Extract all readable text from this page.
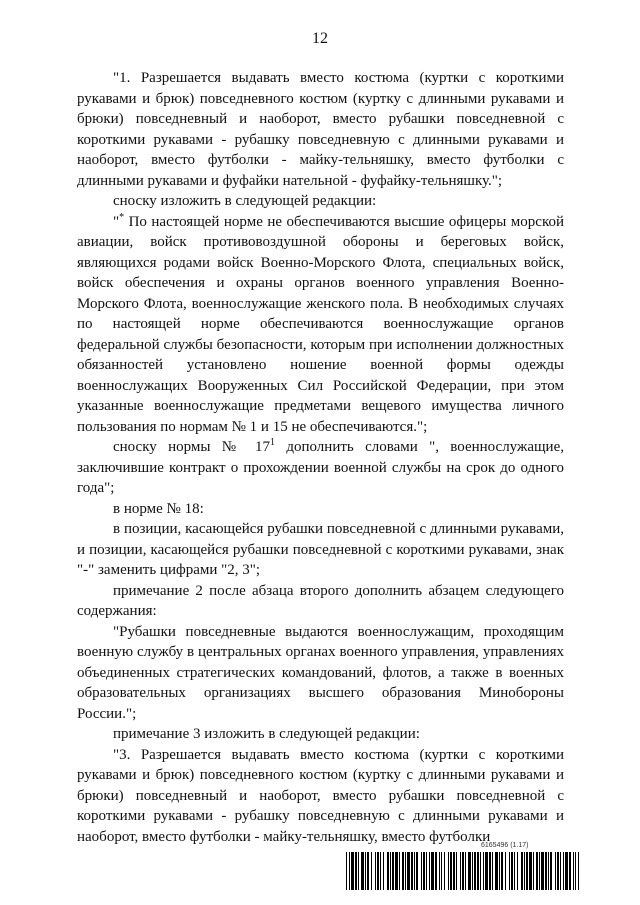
12

"1. Разрешается выдавать вместо костюма (куртки с короткими рукавами и брюк) повседневного костюм (куртку с длинными рукавами и брюки) повседневный и наоборот, вместо рубашки повседневной с короткими рукавами - рубашку повседневную с длинными рукавами и наоборот, вместо футболки - майку-тельняшку, вместо футболки с длинными рукавами и фуфайки нательной - фуфайку-тельняшку.";

сноску изложить в следующей редакции:

"* По настоящей норме не обеспечиваются высшие офицеры морской авиации, войск противовоздушной обороны и береговых войск, являющихся родами войск Военно-Морского Флота, специальных войск, войск обеспечения и охраны органов военного управления Военно-Морского Флота, военнослужащие женского пола. В необходимых случаях по настоящей норме обеспечиваются военнослужащие органов федеральной службы безопасности, которым при исполнении должностных обязанностей установлено ношение военной формы одежды военнослужащих Вооруженных Сил Российской Федерации, при этом указанные военнослужащие предметами вещевого имущества личного пользования по нормам № 1 и 15 не обеспечиваются.";

сноску нормы № $17^1$ дополнить словами ", военнослужащие, заключившие контракт о прохождении военной службы на срок до одного года";

в норме № 18:

в позиции, касающейся рубашки повседневной с длинными рукавами, и позиции, касающейся рубашки повседневной с короткими рукавами, знак "-" заменить цифрами "2, 3";

примечание 2 после абзаца второго дополнить абзацем следующего содержания:

"Рубашки повседневные выдаются военнослужащим, проходящим военную службу в центральных органах военного управления, управлениях объединенных стратегических командований, флотов, а также в военных образовательных организациях высшего образования Минобороны России.";

примечание 3 изложить в следующей редакции:

"3. Разрешается выдавать вместо костюма (куртки с короткими рукавами и брюк) повседневного костюм (куртку с длинными рукавами и брюки) повседневный и наоборот, вместо рубашки повседневной с короткими рукавами - рубашку повседневную с длинными рукавами и наоборот, вместо футболки - майку-тельняшку, вместо футболки

6165496 (1.17)
